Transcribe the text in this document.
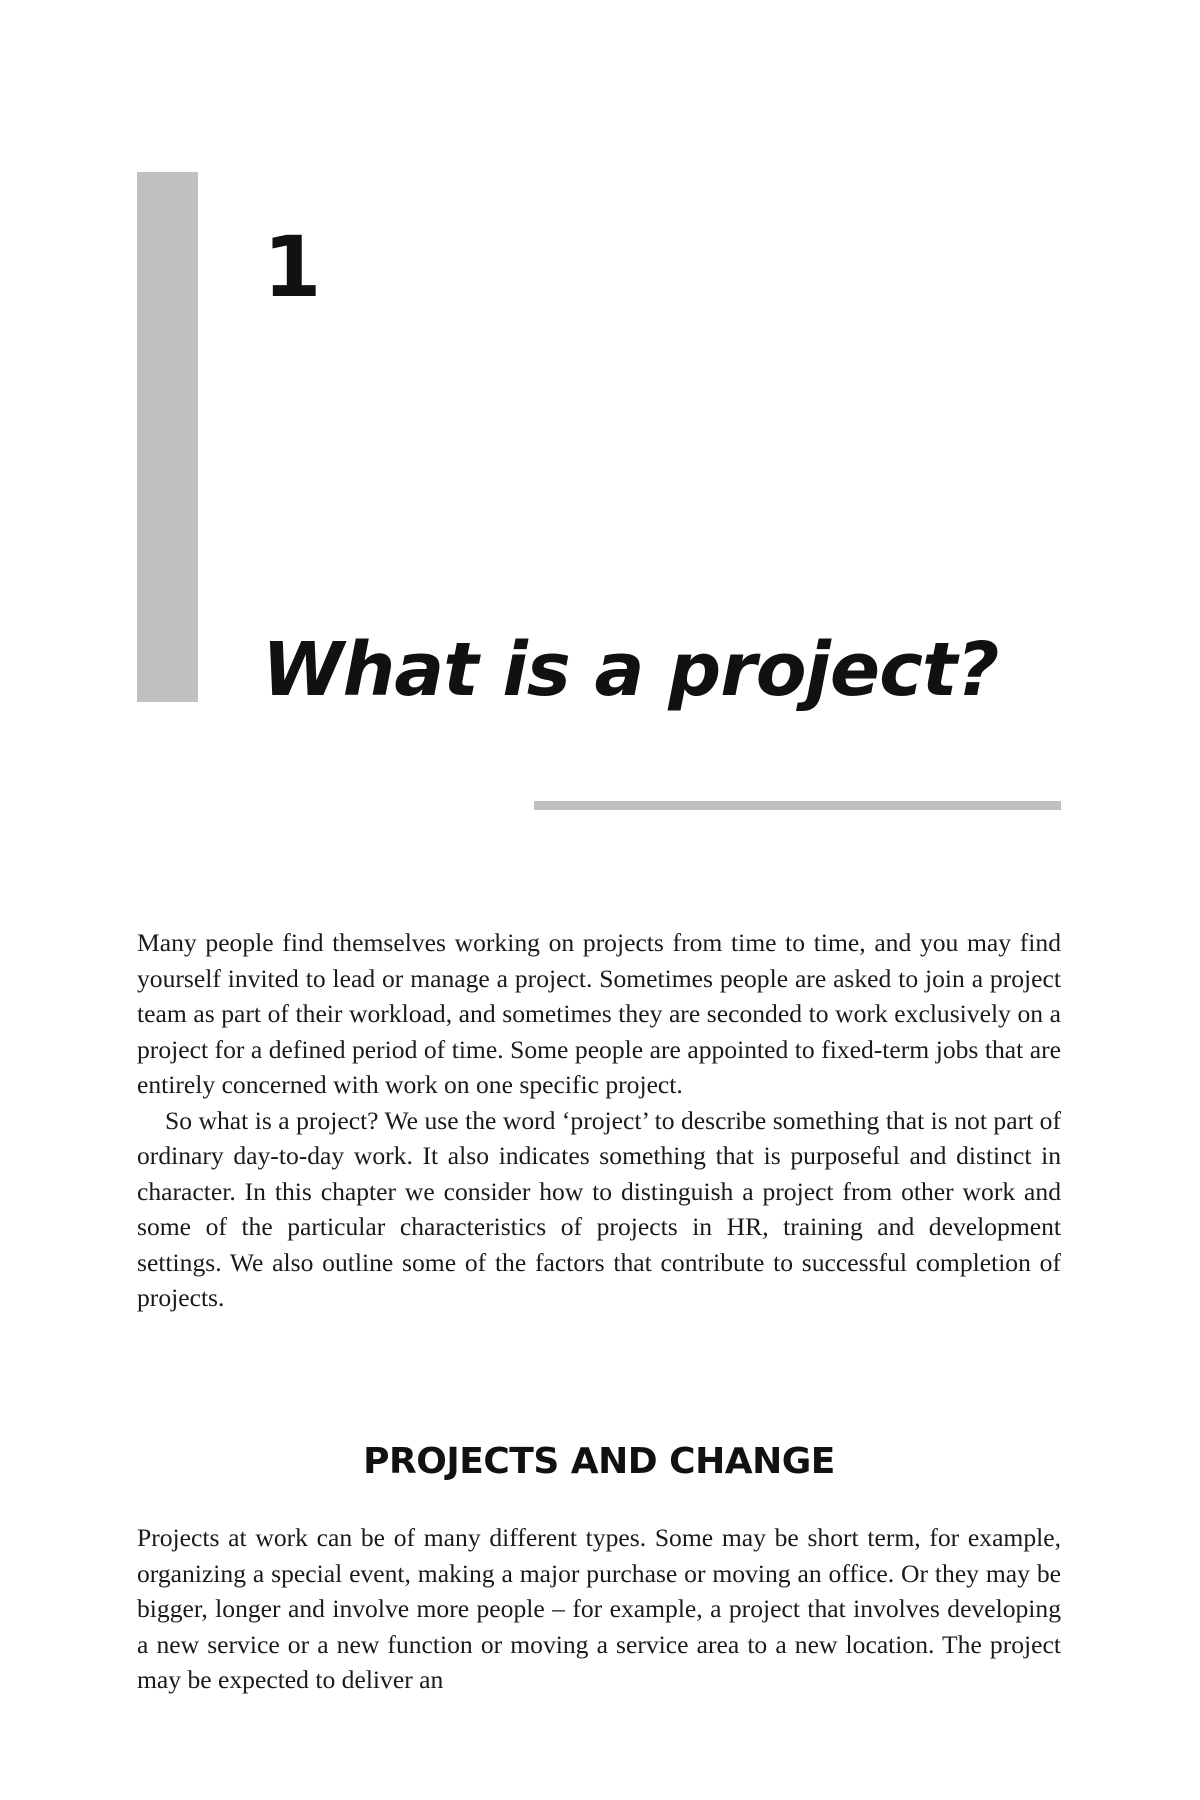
1
What is a project?

Many people find themselves working on projects from time to time, and you may find yourself invited to lead or manage a project. Sometimes people are asked to join a project team as part of their workload, and sometimes they are seconded to work exclusively on a project for a defined period of time. Some people are appointed to fixed-term jobs that are entirely concerned with work on one specific project.

So what is a project? We use the word ‘project’ to describe something that is not part of ordinary day-to-day work. It also indicates something that is purposeful and distinct in character. In this chapter we consider how to distinguish a project from other work and some of the particular characteristics of projects in HR, training and development settings. We also outline some of the factors that contribute to successful completion of projects.

PROJECTS AND CHANGE

Projects at work can be of many different types. Some may be short term, for example, organizing a special event, making a major purchase or moving an office. Or they may be bigger, longer and involve more people – for example, a project that involves developing a new service or a new function or moving a service area to a new location. The project may be expected to deliver an
